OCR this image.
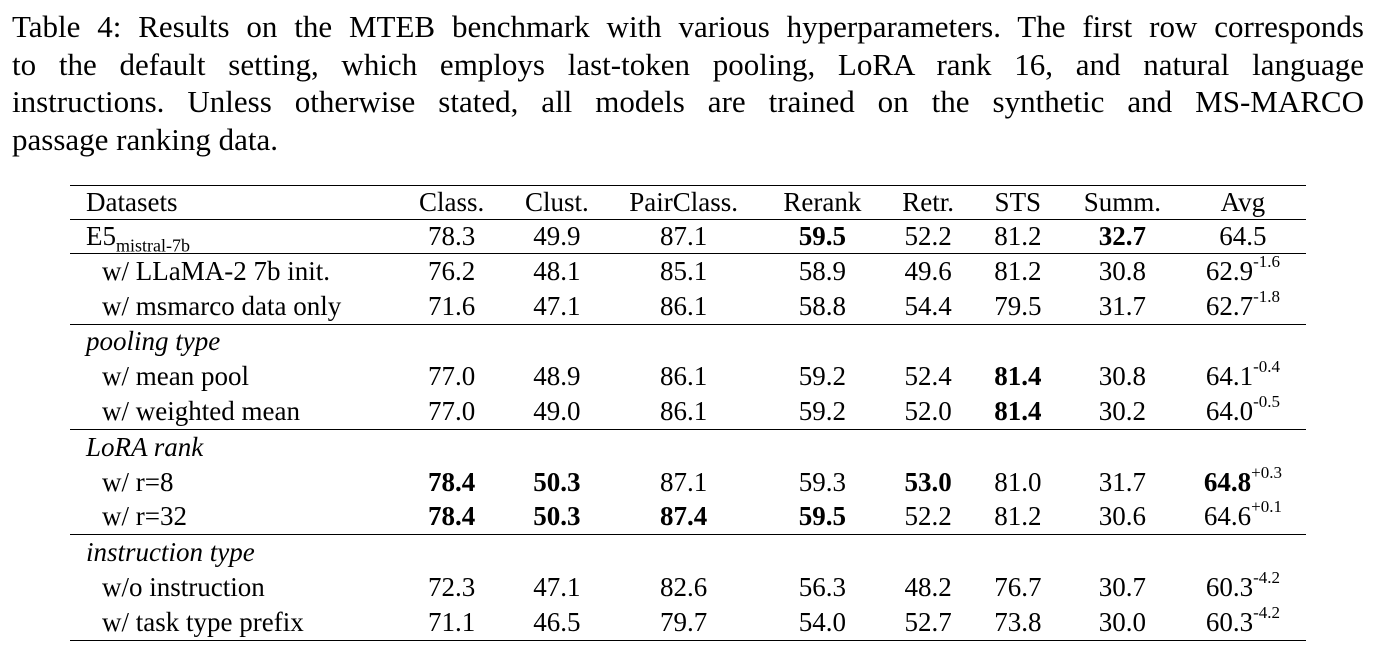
Table 4: Results on the MTEB benchmark with various hyperparameters. The first row corresponds
to the default setting, which employs last-token pooling, LoRA rank 16, and natural language
instructions. Unless otherwise stated, all models are trained on the synthetic and MS-MARCO
passage ranking data.
Datasets	Class.	Clust.	PairClass.	Rerank	Retr.	STS	Summ.	Avg
$E5_{mistral-7b}$	78.3	49.9	87.1	59.5	52.2	81.2	32.7	64.5
w/ LLaMA-2 7b init.	76.2	48.1	85.1	58.9	49.6	81.2	30.8	$62.9^{-1.6}$
w/ msmarco data only	71.6	47.1	86.1	58.8	54.4	79.5	31.7	$62.7^{-1.8}$
pooling type								
w/ mean pool	77.0	48.9	86.1	59.2	52.4	81.4	30.8	$64.1^{-0.4}$
w/ weighted mean	77.0	49.0	86.1	59.2	52.0	81.4	30.2	$64.0^{-0.5}$
LoRA rank								
w/ r=8	78.4	50.3	87.1	59.3	53.0	81.0	31.7	$64.8^{+0.3}$
w/ r=32	78.4	50.3	87.4	59.5	52.2	81.2	30.6	$64.6^{+0.1}$
instruction type								
w/o instruction	72.3	47.1	82.6	56.3	48.2	76.7	30.7	$60.3^{-4.2}$
w/ task type prefix	71.1	46.5	79.7	54.0	52.7	73.8	30.0	$60.3^{-4.2}$
